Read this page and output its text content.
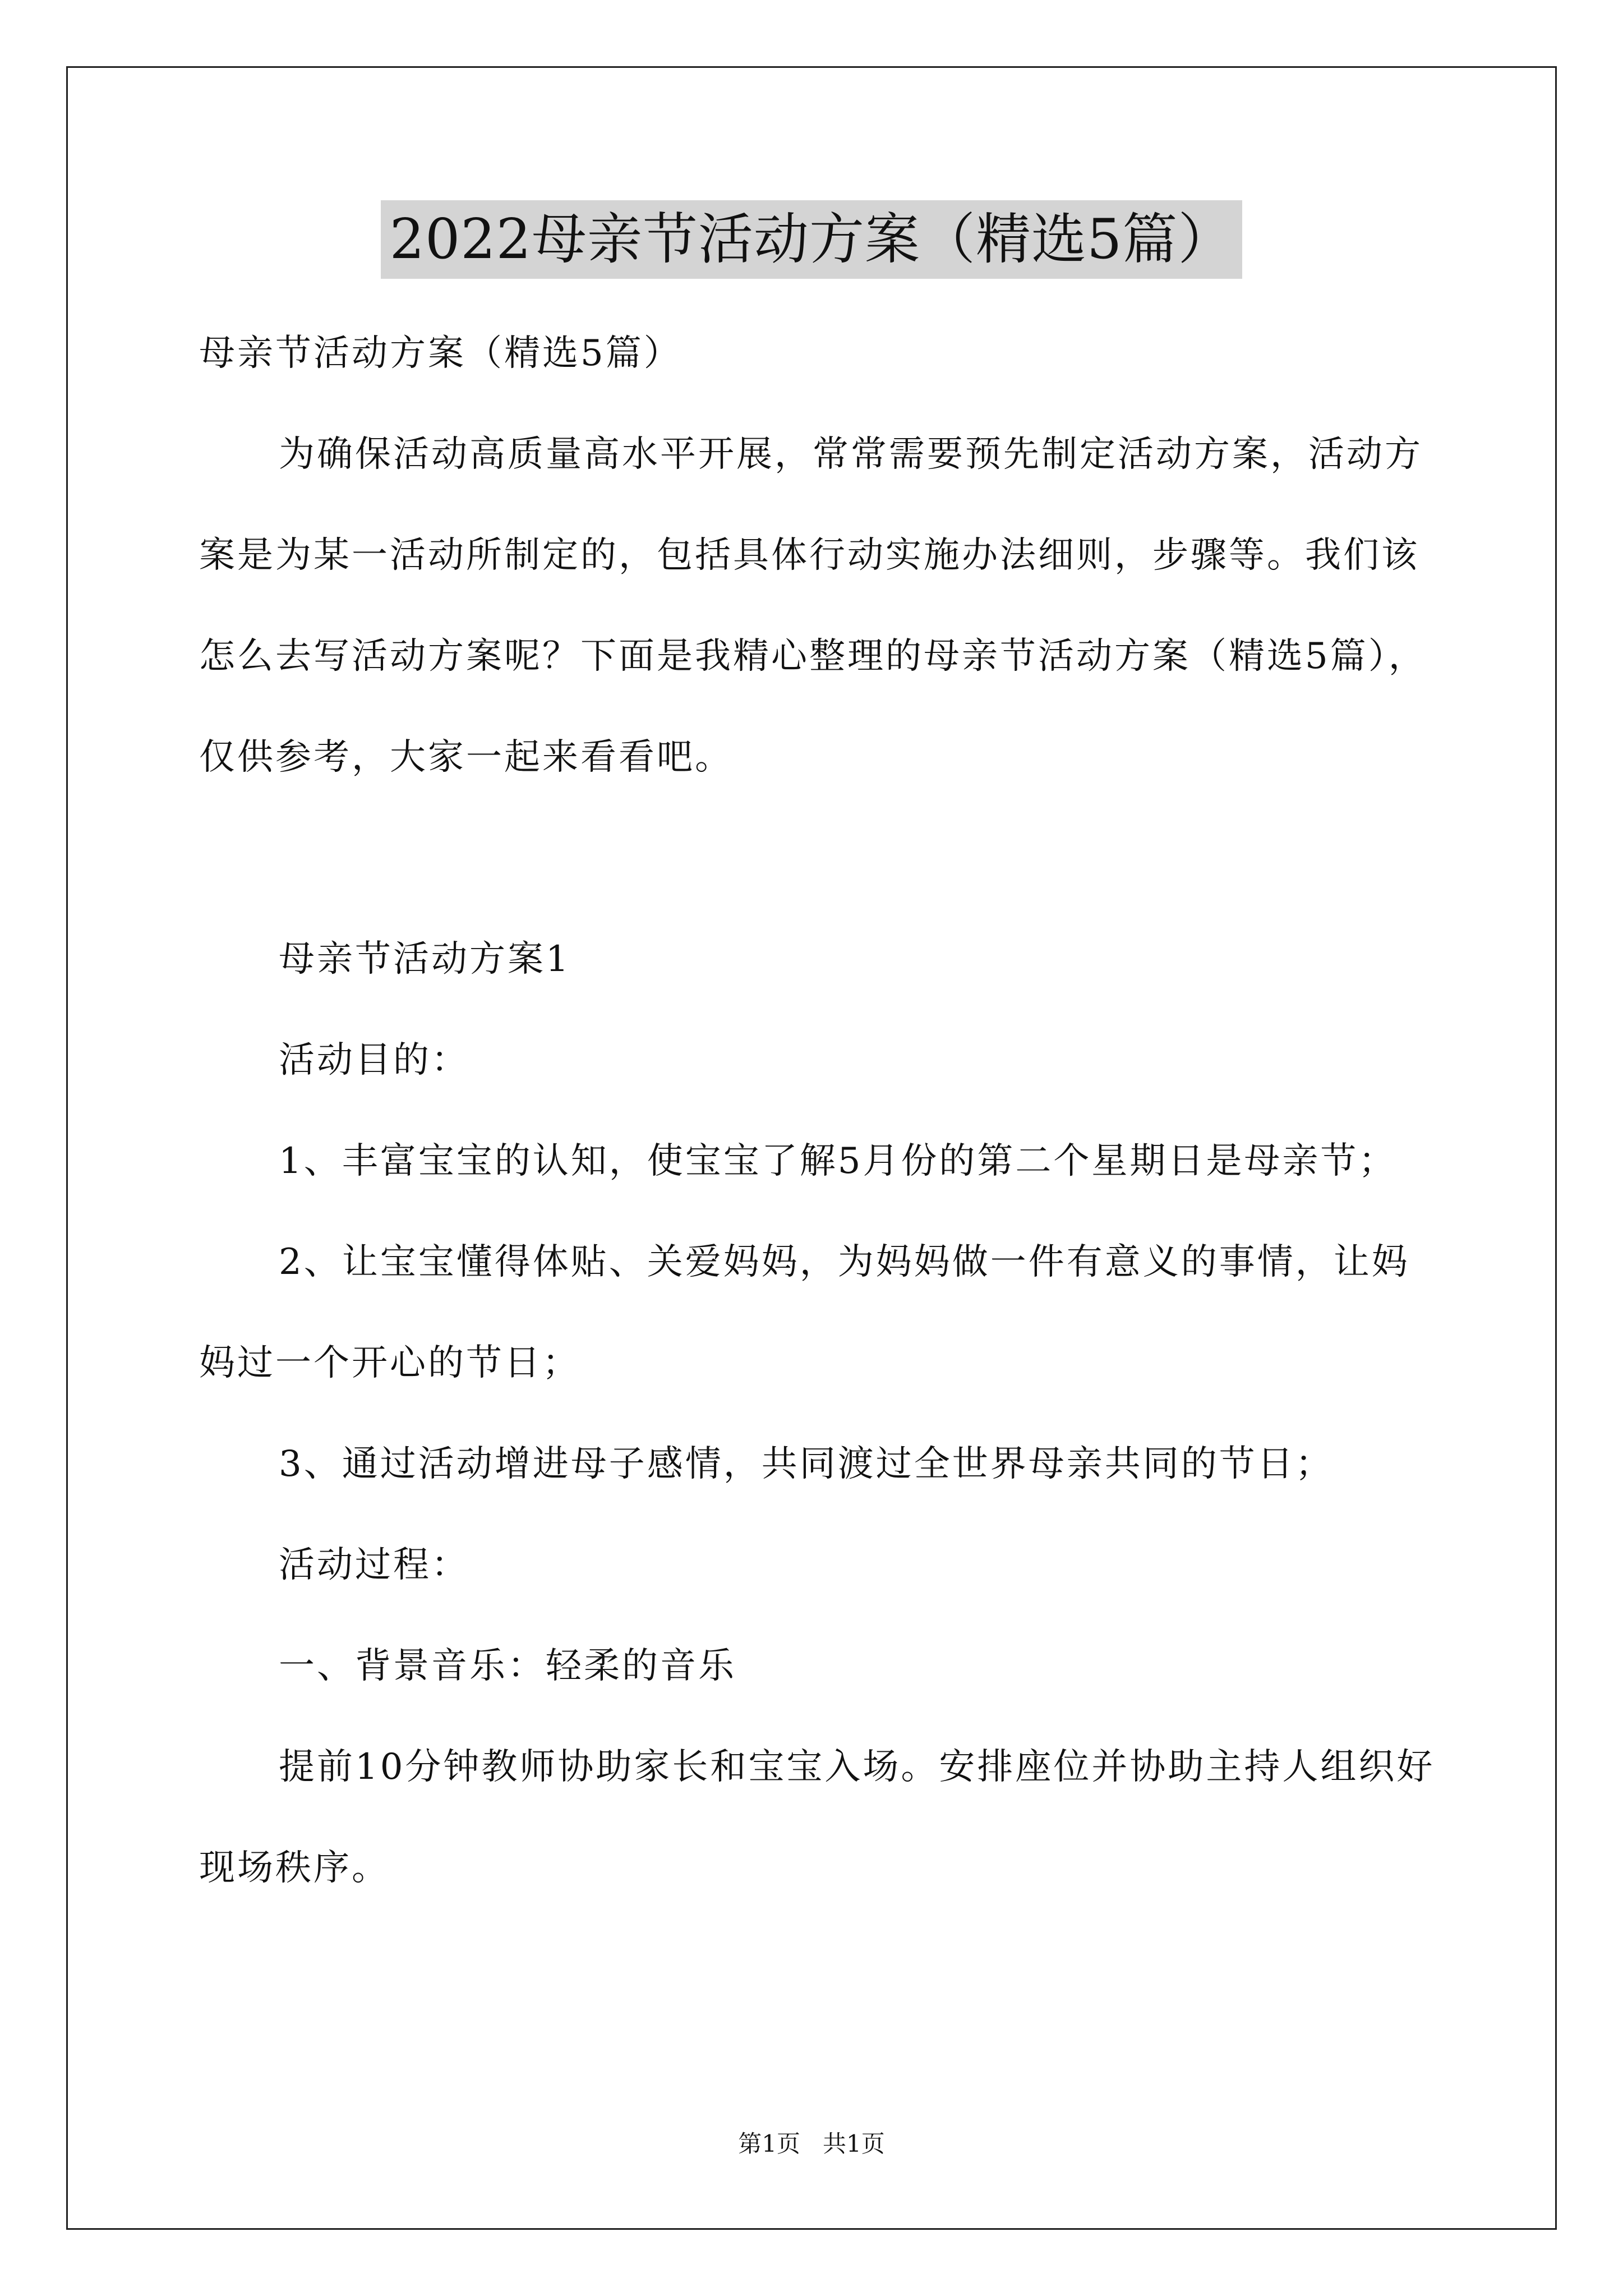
2022母亲节活动方案（精选5篇）

母亲节活动方案（精选5篇）

为确保活动高质量高水平开展，常常需要预先制定活动方案，活动方案是为某一活动所制定的，包括具体行动实施办法细则，步骤等。我们该怎么去写活动方案呢？下面是我精心整理的母亲节活动方案（精选5篇），仅供参考，大家一起来看看吧。

母亲节活动方案1

活动目的：

1、丰富宝宝的认知，使宝宝了解5月份的第二个星期日是母亲节；

2、让宝宝懂得体贴、关爱妈妈，为妈妈做一件有意义的事情，让妈妈过一个开心的节日；

3、通过活动增进母子感情，共同渡过全世界母亲共同的节日；

活动过程：

一、背景音乐：轻柔的音乐

提前10分钟教师协助家长和宝宝入场。安排座位并协助主持人组织好现场秩序。

第1页   共1页
